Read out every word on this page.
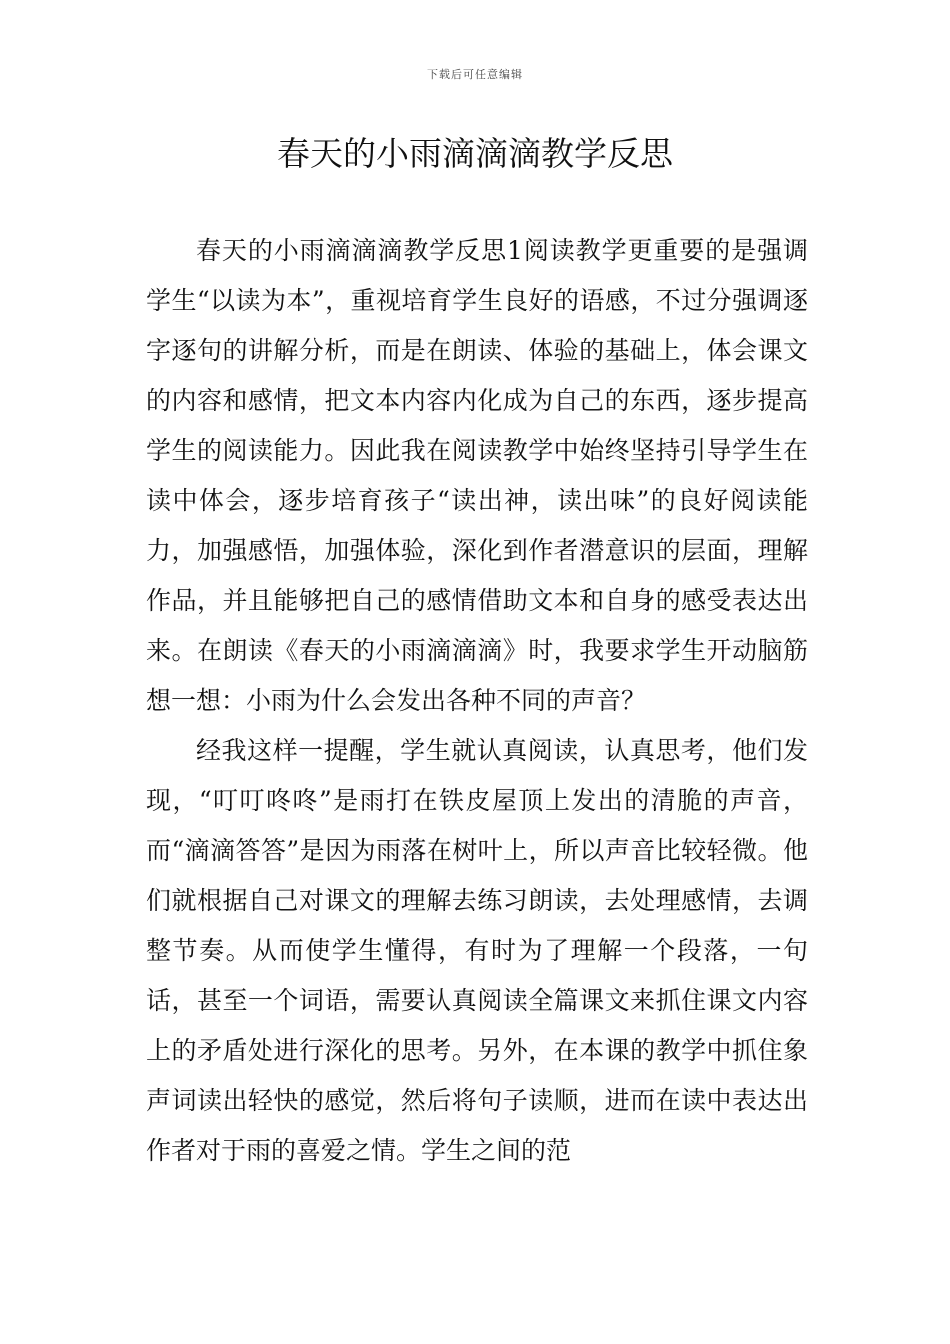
下载后可任意编辑
春天的小雨滴滴滴教学反思

春天的小雨滴滴滴教学反思1阅读教学更重要的是强调学生“以读为本”，重视培育学生良好的语感，不过分强调逐字逐句的讲解分析，而是在朗读、体验的基础上，体会课文的内容和感情，把文本内容内化成为自己的东西，逐步提高学生的阅读能力。因此我在阅读教学中始终坚持引导学生在读中体会，逐步培育孩子“读出神，读出味”的良好阅读能力，加强感悟，加强体验，深化到作者潜意识的层面，理解作品，并且能够把自己的感情借助文本和自身的感受表达出来。在朗读《春天的小雨滴滴滴》时，我要求学生开动脑筋想一想：小雨为什么会发出各种不同的声音？

经我这样一提醒，学生就认真阅读，认真思考，他们发现，“叮叮咚咚”是雨打在铁皮屋顶上发出的清脆的声音，而“滴滴答答”是因为雨落在树叶上，所以声音比较轻微。他们就根据自己对课文的理解去练习朗读，去处理感情，去调整节奏。从而使学生懂得，有时为了理解一个段落，一句话，甚至一个词语，需要认真阅读全篇课文来抓住课文内容上的矛盾处进行深化的思考。另外，在本课的教学中抓住象声词读出轻快的感觉，然后将句子读顺，进而在读中表达出作者对于雨的喜爱之情。学生之间的范
